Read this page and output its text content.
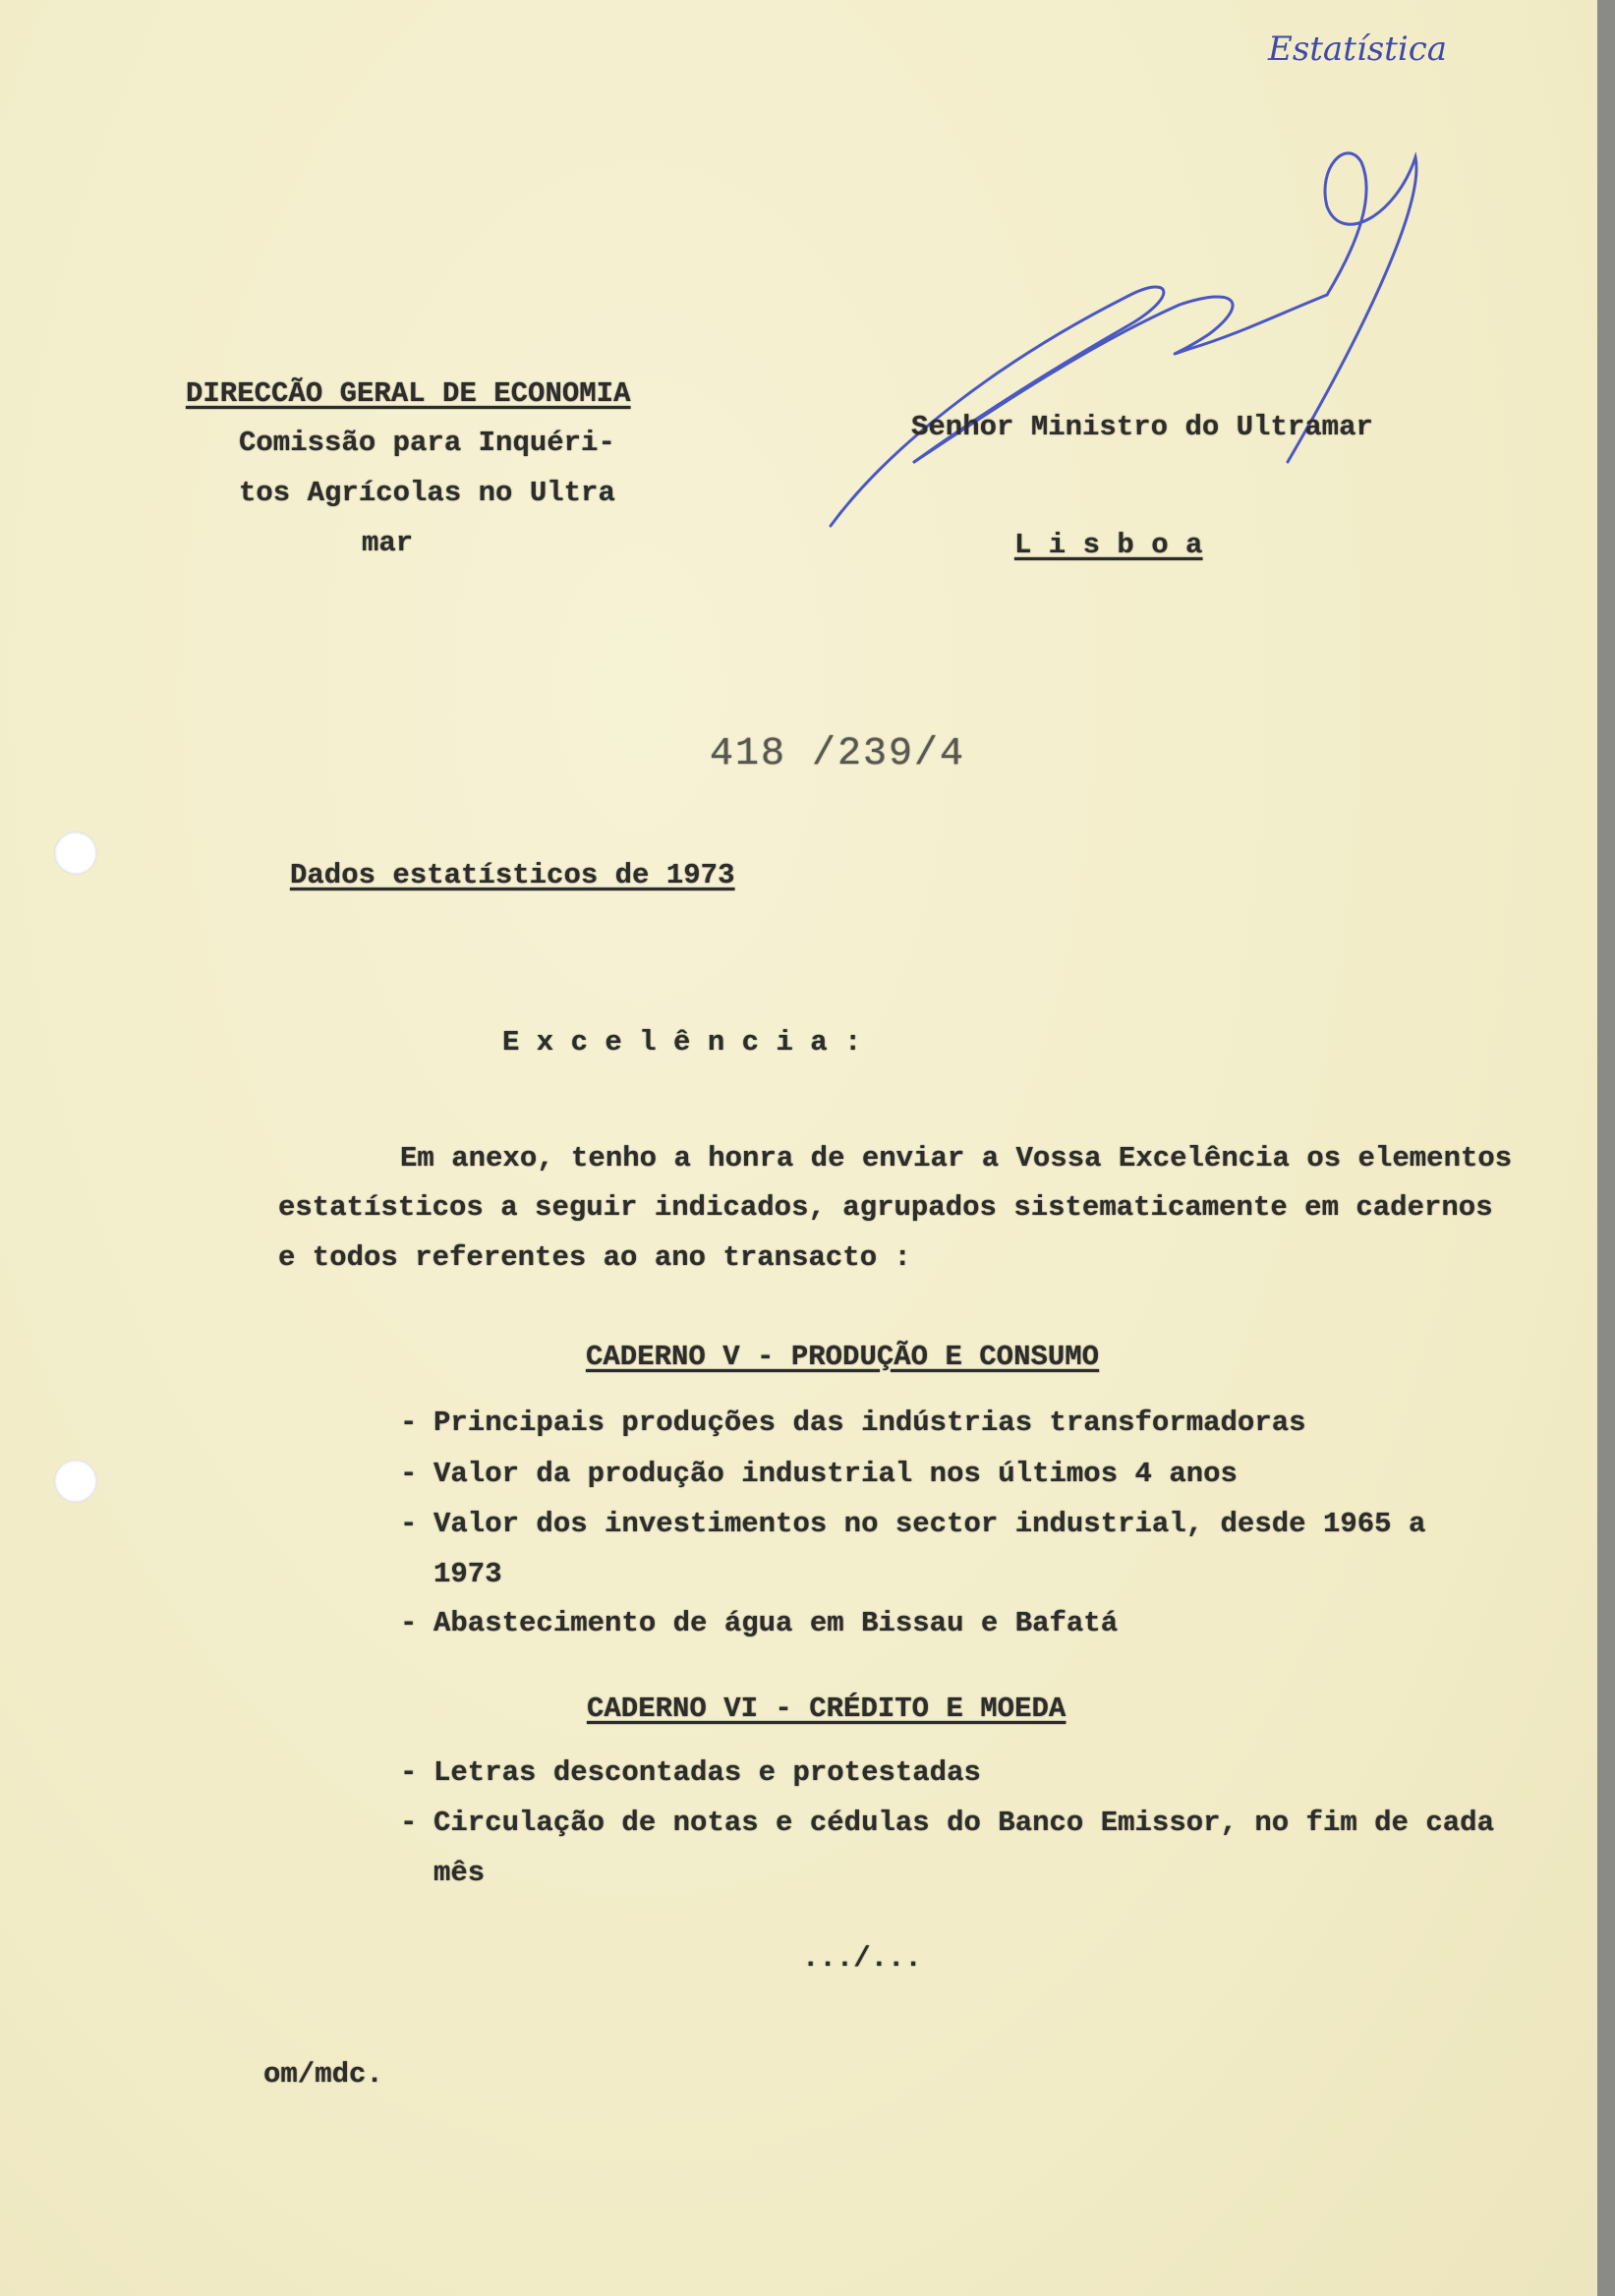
Estatística
DIRECCÃO GERAL DE ECONOMIA
Comissão para Inquéri-
tos Agrícolas no Ultra
mar
Senhor Ministro do Ultramar
L i s b o a
418 /239/4
Dados estatísticos de 1973
E x c e l ê n c i a :
Em anexo, tenho a honra de enviar a Vossa Excelência os elementos
estatísticos a seguir indicados, agrupados sistematicamente em cadernos
e todos referentes ao ano transacto :
CADERNO V - PRODUÇÃO E CONSUMO
- Principais produções das indústrias transformadoras
- Valor da produção industrial nos últimos 4 anos
- Valor dos investimentos no sector industrial, desde 1965 a
1973
- Abastecimento de água em Bissau e Bafatá
CADERNO VI - CRÉDITO E MOEDA
- Letras descontadas e protestadas
- Circulação de notas e cédulas do Banco Emissor, no fim de cada
mês
.../...
om/mdc.
